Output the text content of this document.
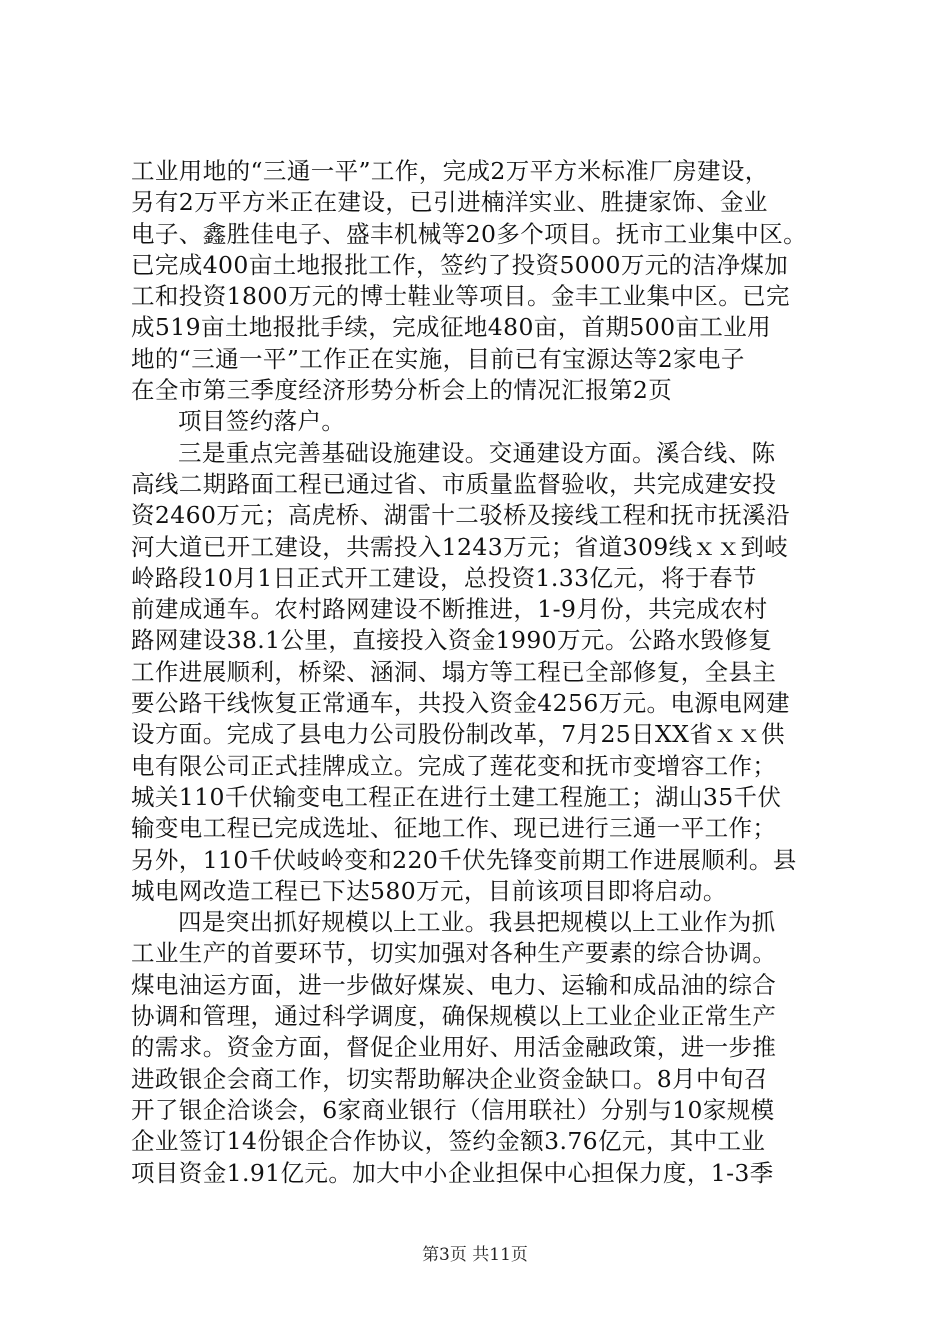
工业用地的“三通一平”工作，完成2万平方米标准厂房建设，
另有2万平方米正在建设，已引进楠洋实业、胜捷家饰、金业
电子、鑫胜佳电子、盛丰机械等20多个项目。抚市工业集中区。
已完成400亩土地报批工作，签约了投资5000万元的洁净煤加
工和投资1800万元的博士鞋业等项目。金丰工业集中区。已完
成519亩土地报批手续，完成征地480亩，首期500亩工业用
地的“三通一平”工作正在实施，目前已有宝源达等2家电子
在全市第三季度经济形势分析会上的情况汇报第2页
项目签约落户。
三是重点完善基础设施建设。交通建设方面。溪合线、陈
高线二期路面工程已通过省、市质量监督验收，共完成建安投
资2460万元；高虎桥、湖雷十二驳桥及接线工程和抚市抚溪沿
河大道已开工建设，共需投入1243万元；省道309线ｘｘ到岐
岭路段10月1日正式开工建设，总投资1.33亿元，将于春节
前建成通车。农村路网建设不断推进，1-9月份，共完成农村
路网建设38.1公里，直接投入资金1990万元。公路水毁修复
工作进展顺利，桥梁、涵洞、塌方等工程已全部修复，全县主
要公路干线恢复正常通车，共投入资金4256万元。电源电网建
设方面。完成了县电力公司股份制改革，7月25日XX省ｘｘ供
电有限公司正式挂牌成立。完成了莲花变和抚市变增容工作；
城关110千伏输变电工程正在进行土建工程施工；湖山35千伏
输变电工程已完成选址、征地工作、现已进行三通一平工作；
另外，110千伏岐岭变和220千伏先锋变前期工作进展顺利。县
城电网改造工程已下达580万元，目前该项目即将启动。
四是突出抓好规模以上工业。我县把规模以上工业作为抓
工业生产的首要环节，切实加强对各种生产要素的综合协调。
煤电油运方面，进一步做好煤炭、电力、运输和成品油的综合
协调和管理，通过科学调度，确保规模以上工业企业正常生产
的需求。资金方面，督促企业用好、用活金融政策，进一步推
进政银企会商工作，切实帮助解决企业资金缺口。8月中旬召
开了银企洽谈会，6家商业银行（信用联社）分别与10家规模
企业签订14份银企合作协议，签约金额3.76亿元，其中工业
项目资金1.91亿元。加大中小企业担保中心担保力度，1-3季
第3页 共11页
